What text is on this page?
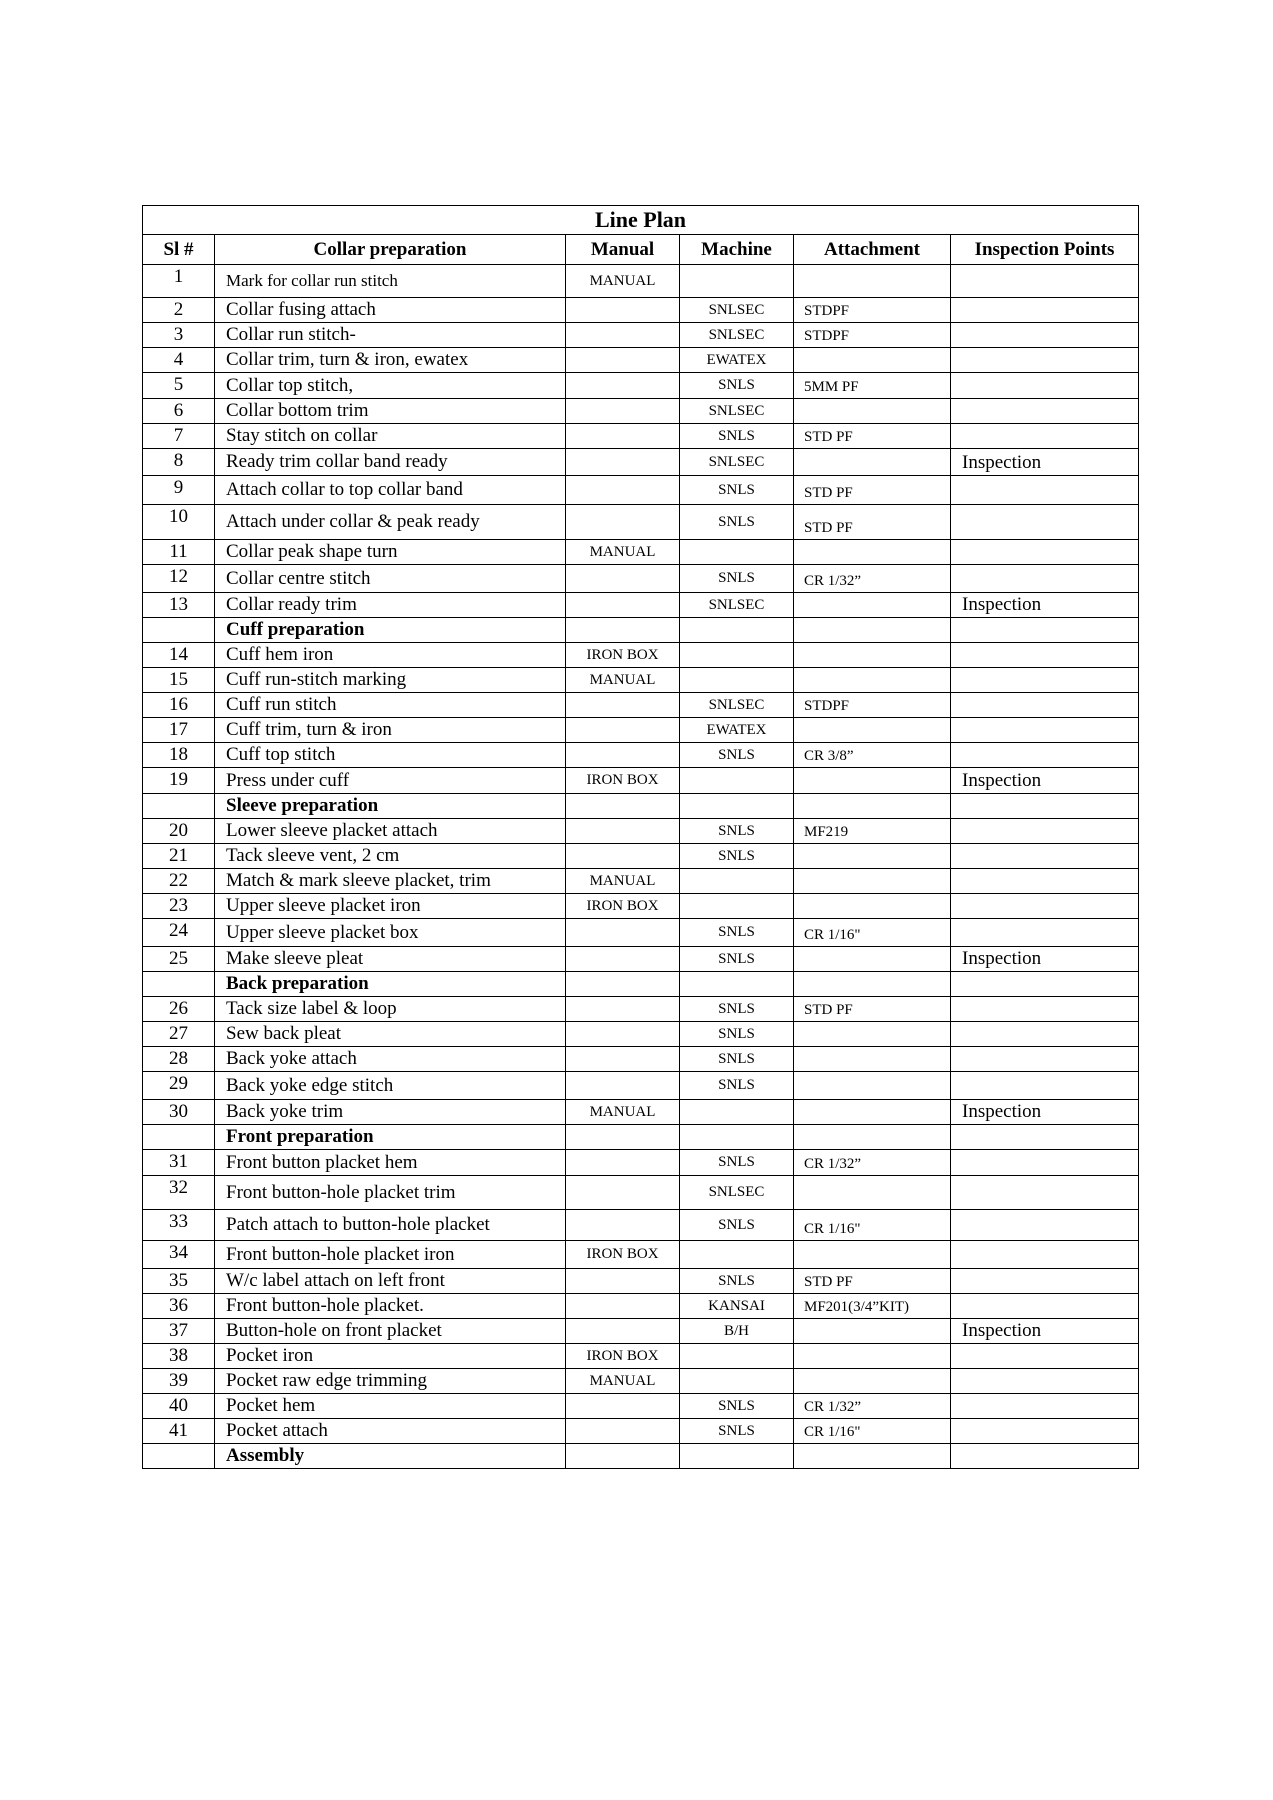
Line Plan					
Sl #	Collar preparation	Manual	Machine	Attachment	Inspection Points
1	Mark for collar run stitch	MANUAL			
2	Collar fusing attach		SNLSEC	STDPF	
3	Collar run stitch-		SNLSEC	STDPF	
4	Collar trim, turn & iron, ewatex		EWATEX		
5	Collar top stitch,		SNLS	5MM PF	
6	Collar bottom trim		SNLSEC		
7	Stay stitch on collar		SNLS	STD PF	
8	Ready trim collar band ready		SNLSEC		Inspection
9	Attach collar to top collar band		SNLS	STD PF	
10	Attach under collar & peak ready		SNLS	STD PF	
11	Collar peak shape turn	MANUAL			
12	Collar centre stitch		SNLS	CR 1/32”	
13	Collar ready trim		SNLSEC		Inspection
	Cuff preparation				
14	Cuff hem iron	IRON BOX			
15	Cuff run-stitch marking	MANUAL			
16	Cuff run stitch		SNLSEC	STDPF	
17	Cuff trim, turn & iron		EWATEX		
18	Cuff top stitch		SNLS	CR 3/8”	
19	Press under cuff	IRON BOX			Inspection
	Sleeve preparation				
20	Lower sleeve placket attach		SNLS	MF219	
21	Tack sleeve vent, 2 cm		SNLS		
22	Match & mark sleeve placket, trim	MANUAL			
23	Upper sleeve placket iron	IRON BOX			
24	Upper sleeve placket box		SNLS	CR 1/16"	
25	Make sleeve pleat		SNLS		Inspection
	Back preparation				
26	Tack size label & loop		SNLS	STD PF	
27	Sew back pleat		SNLS		
28	Back yoke attach		SNLS		
29	Back yoke edge stitch		SNLS		
30	Back yoke trim	MANUAL			Inspection
	Front preparation				
31	Front button placket hem		SNLS	CR 1/32”	
32	Front button-hole placket trim		SNLSEC		
33	Patch attach to button-hole placket		SNLS	CR 1/16"	
34	Front button-hole placket iron	IRON BOX			
35	W/c label attach on left front		SNLS	STD PF	
36	Front button-hole placket.		KANSAI	MF201(3/4”KIT)	
37	Button-hole on front placket		B/H		Inspection
38	Pocket iron	IRON BOX			
39	Pocket raw edge trimming	MANUAL			
40	Pocket hem		SNLS	CR 1/32”	
41	Pocket attach		SNLS	CR 1/16"	
	Assembly				
